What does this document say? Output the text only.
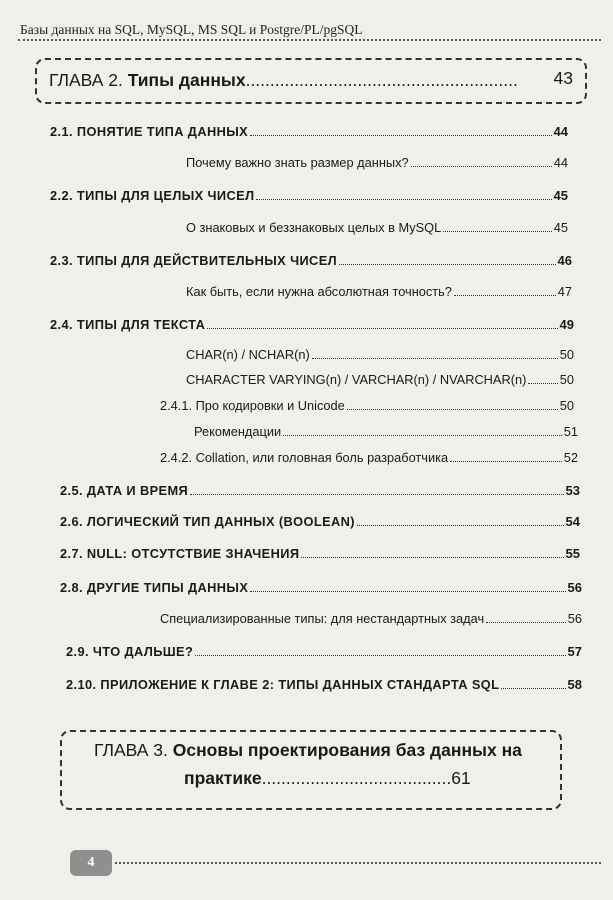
Базы данных на SQL, MySQL, MS SQL и Postgre/PL/pgSQL
ГЛАВА 2. Типы данных........................................................ 43
2.1. ПОНЯТИЕ ТИПА ДАННЫХ	44
Почему важно знать размер данных?	44
2.2. ТИПЫ ДЛЯ ЦЕЛЫХ ЧИСЕЛ	45
О знаковых и беззнаковых целых в MySQL	45
2.3. ТИПЫ ДЛЯ ДЕЙСТВИТЕЛЬНЫХ ЧИСЕЛ	46
Как быть, если нужна абсолютная точность?	47
2.4. ТИПЫ ДЛЯ ТЕКСТА	49
CHAR(n) / NCHAR(n)	50
CHARACTER VARYING(n) / VARCHAR(n) / NVARCHAR(n)	50
2.4.1. Про кодировки и Unicode	50
Рекомендации	51
2.4.2. Collation, или головная боль разработчика	52
2.5. ДАТА И ВРЕМЯ	53
2.6. ЛОГИЧЕСКИЙ ТИП ДАННЫХ (BOOLEAN)	54
2.7. NULL: ОТСУТСТВИЕ ЗНАЧЕНИЯ	55
2.8. ДРУГИЕ ТИПЫ ДАННЫХ	56
Специализированные типы: для нестандартных задач	56
2.9. ЧТО ДАЛЬШЕ?	57
2.10. ПРИЛОЖЕНИЕ К ГЛАВЕ 2: ТИПЫ ДАННЫХ СТАНДАРТА SQL	58
ГЛАВА 3. Основы проектирования баз данных на
практике.......................................61
4
